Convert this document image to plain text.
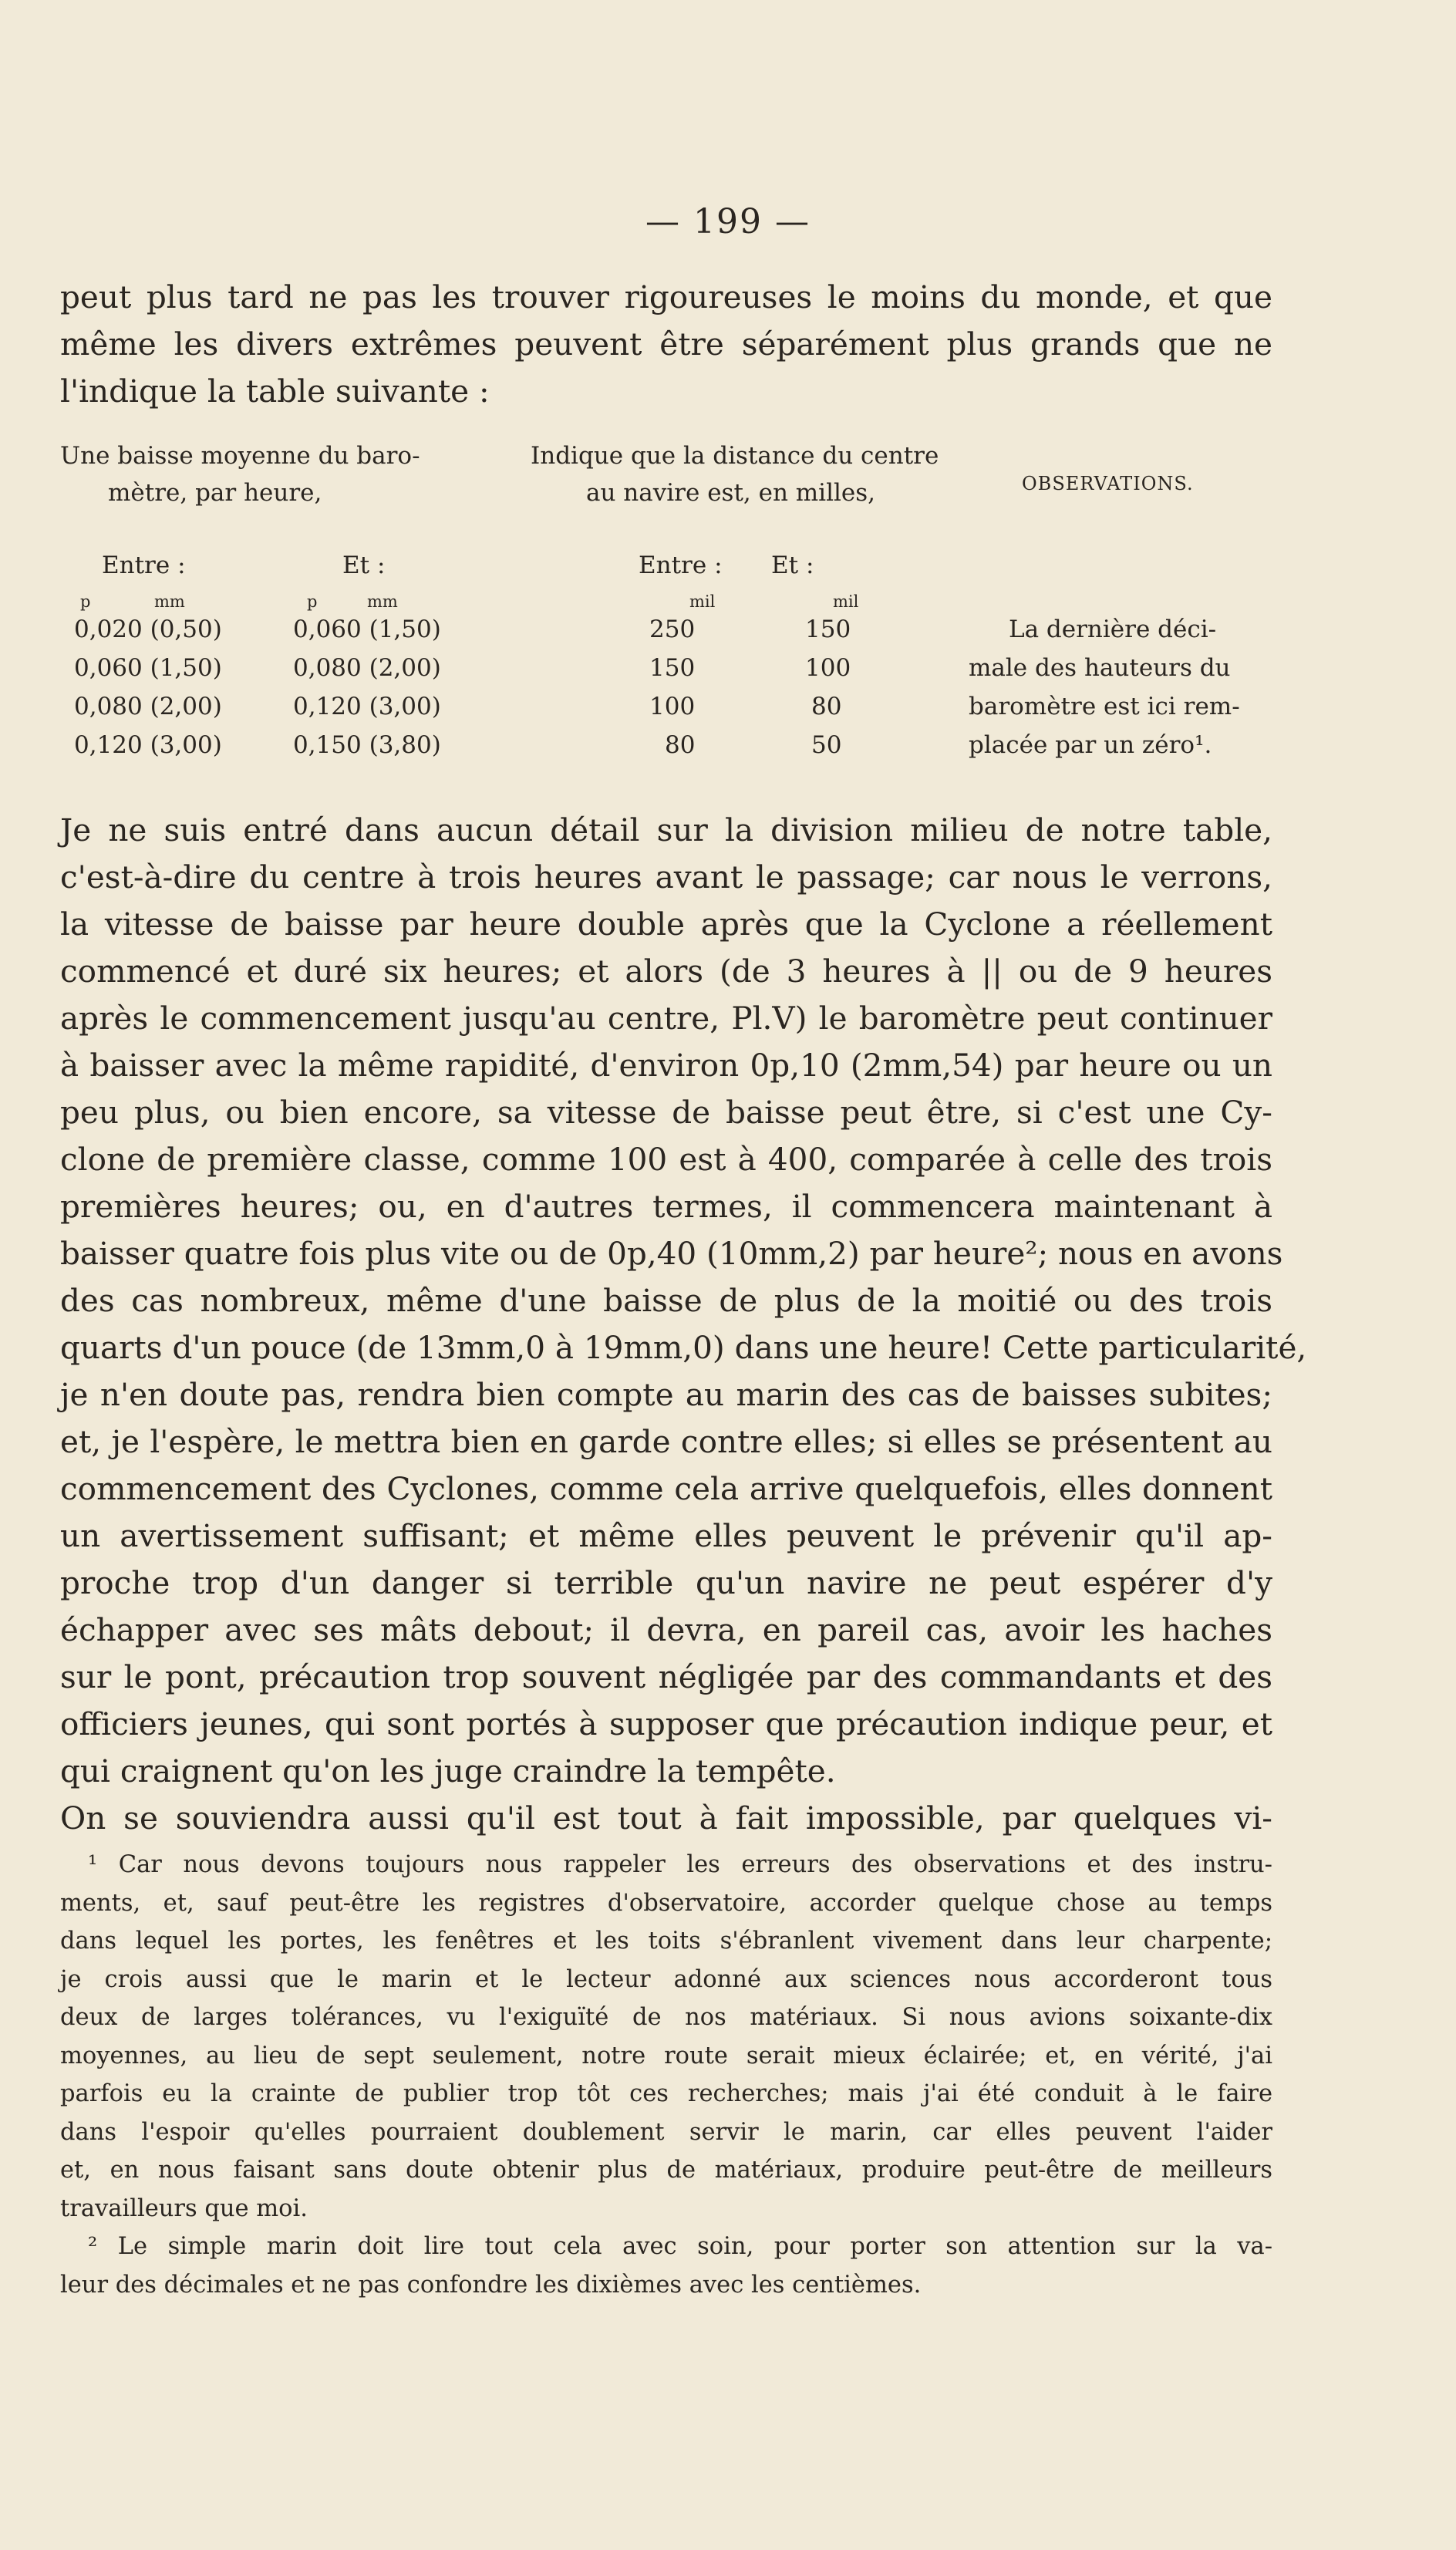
— 199 —
peut plus tard ne pas les trouver rigoureuses le moins du monde, et que
même les divers extrêmes peuvent être séparément plus grands que ne
l'indique la table suivante :
Une baisse moyenne du baro-
mètre, par heure,
Indique que la distance du centre
au navire est, en milles,	OBSERVATIONS.
Entre :	Et :	Entre : Et :
p	mm	p	mm	mil	mil
0,020 (0,50)	0,060 (1,50)	250	150
0,060 (1,50)	0,080 (2,00)	150	100
0,080 (2,00)	0,120 (3,00)	100	80
0,120 (3,00)	0,150 (3,80)	80	50
La dernière déci-
male des hauteurs du
baromètre est ici rem-
placée par un zéro¹.
Je ne suis entré dans aucun détail sur la division milieu de notre table,
c'est-à-dire du centre à trois heures avant le passage; car nous le verrons,
la vitesse de baisse par heure double après que la Cyclone a réellement
commencé et duré six heures; et alors (de 3 heures à || ou de 9 heures
après le commencement jusqu'au centre, Pl.V) le baromètre peut continuer
à baisser avec la même rapidité, d'environ 0p,10 (2mm,54) par heure ou un
peu plus, ou bien encore, sa vitesse de baisse peut être, si c'est une Cy-
clone de première classe, comme 100 est à 400, comparée à celle des trois
premières heures; ou, en d'autres termes, il commencera maintenant à
baisser quatre fois plus vite ou de 0p,40 (10mm,2) par heure²; nous en avons
des cas nombreux, même d'une baisse de plus de la moitié ou des trois
quarts d'un pouce (de 13mm,0 à 19mm,0) dans une heure! Cette particularité,
je n'en doute pas, rendra bien compte au marin des cas de baisses subites;
et, je l'espère, le mettra bien en garde contre elles; si elles se présentent au
commencement des Cyclones, comme cela arrive quelquefois, elles donnent
un avertissement suffisant; et même elles peuvent le prévenir qu'il ap-
proche trop d'un danger si terrible qu'un navire ne peut espérer d'y
échapper avec ses mâts debout; il devra, en pareil cas, avoir les haches
sur le pont, précaution trop souvent négligée par des commandants et des
officiers jeunes, qui sont portés à supposer que précaution indique peur, et
qui craignent qu'on les juge craindre la tempête.
On se souviendra aussi qu'il est tout à fait impossible, par quelques vi-
¹ Car nous devons toujours nous rappeler les erreurs des observations et des instru-
ments, et, sauf peut-être les registres d'observatoire, accorder quelque chose au temps
dans lequel les portes, les fenêtres et les toits s'ébranlent vivement dans leur charpente;
je crois aussi que le marin et le lecteur adonné aux sciences nous accorderont tous
deux de larges tolérances, vu l'exiguïté de nos matériaux. Si nous avions soixante-dix
moyennes, au lieu de sept seulement, notre route serait mieux éclairée; et, en vérité, j'ai
parfois eu la crainte de publier trop tôt ces recherches; mais j'ai été conduit à le faire
dans l'espoir qu'elles pourraient doublement servir le marin, car elles peuvent l'aider
et, en nous faisant sans doute obtenir plus de matériaux, produire peut-être de meilleurs
travailleurs que moi.
² Le simple marin doit lire tout cela avec soin, pour porter son attention sur la va-
leur des décimales et ne pas confondre les dixièmes avec les centièmes.
